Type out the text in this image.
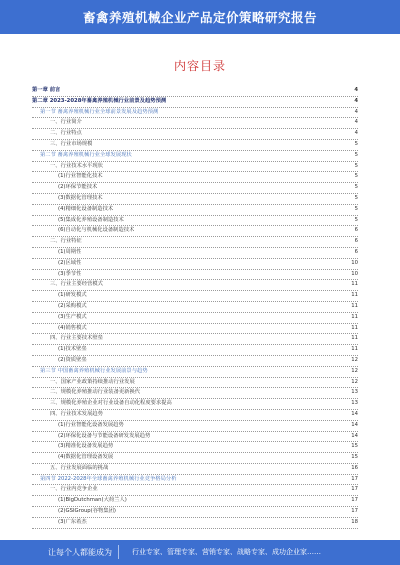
畜禽养殖机械企业产品定价策略研究报告
内容目录
第一章 前言	4
第二章 2023-2028年畜禽养殖机械行业前景及趋势预测	4
第一节 畜禽养殖机械行业全球前景发展及趋势预测	4
一、行业简介	4
二、行业特点	4
三、行业市场规模	5
第二节 畜禽养殖机械行业全球发展现状	5
一、行业技术水平现状	5
(1)行业智能化技术	5
(2)环保节能技术	5
(3)数据化管理技术	5
(4)精细化设备制造技术	5
(5)集成化养殖设备制造技术	5
(6)自动化与机械化设备制造技术	6
二、行业特征	6
(1)周期性	6
(2)区域性	10
(3)季节性	10
三、行业主要经营模式	11
(1)研发模式	11
(2)采购模式	11
(3)生产模式	11
(4)销售模式	11
四、行业主要技术壁垒	11
(1)技术壁垒	11
(2)资质壁垒	12
第三节 中国畜禽养殖机械行业发展前景与趋势	12
一、国家产业政策持续推动行业发展	12
二、规模化养殖推动行业装备更新换代	13
三、规模化养殖企业对行业设备自动化程度要求提高	13
四、行业技术发展趋势	14
(1)行业智能化设备发展趋势	14
(2)环保化设备与节能设备研发发展趋势	14
(3)精准化设备发展趋势	15
(4)数据化管理设备发展	15
五、行业发展面临的挑战	16
第四节 2022-2028年全球畜禽养殖机械行业竞争格局分析	17
一、行业内竞争企业	17
(1)BigDutchman(大荷兰人)	17
(2)GSIGroup(谷物集团)	17
(3)广东希杰	18
让每个人都能成为	行业专家、管理专家、营销专家、战略专家、成功企业家……
